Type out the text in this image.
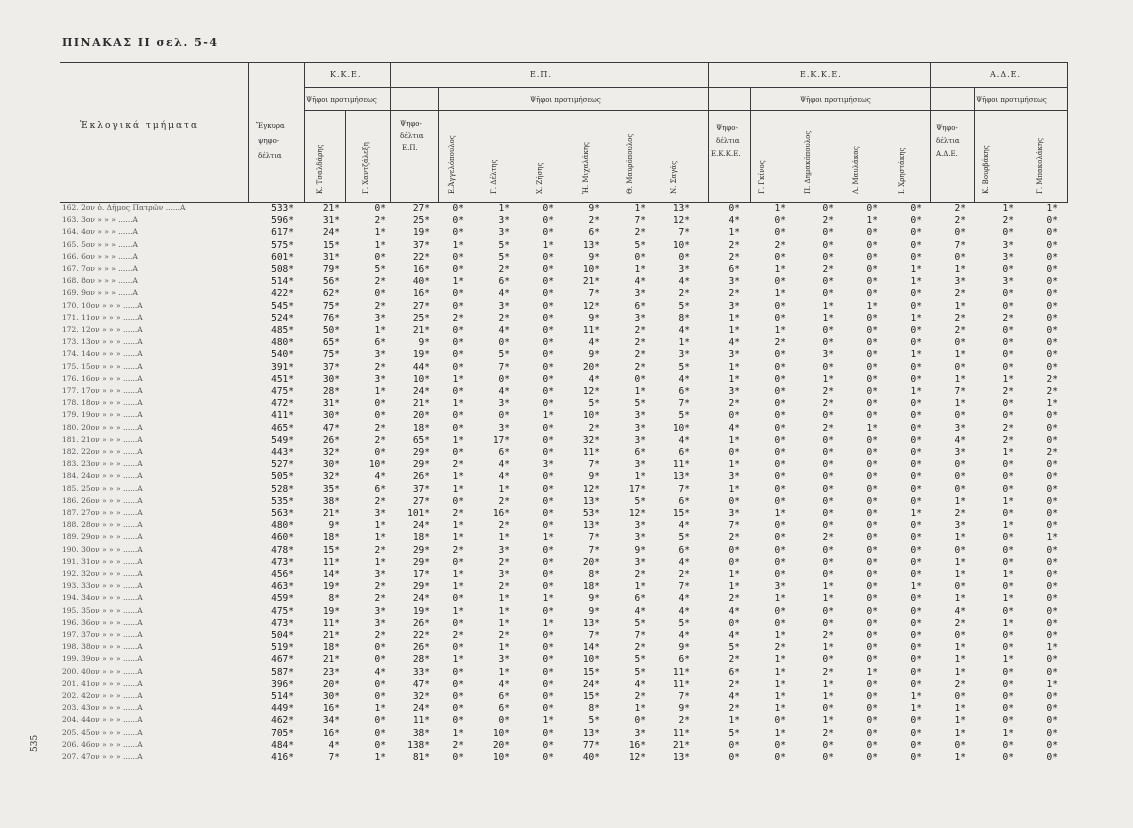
ΠΙΝΑΚΑΣ ΙΙ σελ. 5-4
535
Ἐκλογικά τμήματα	Ἔγκυρα
ψηφο-
δέλτια
Κ.Κ.Ε.
Ψῆφοι προτιμήσεως
Ε.Π.
Ψηφο-
δέλτια
Ε.Π.
Ψῆφοι προτιμήσεως
Ε.Κ.Κ.Ε.
Ψηφο-
δέλτια
Ε.Κ.Κ.Ε.
Ψῆφοι προτιμήσεως
Α.Δ.Ε.
Ψηφο-
δέλτια
Α.Δ.Ε.
Ψῆφοι προτιμήσεως
Κ. Τσαλδάρης	Γ. Χαντζάλεξη	Ε.Ἀγγελόπουλος	Γ. Δέλτης	Χ. Ζήσης	Ἠ. Μιχαλάκης	Θ. Μαυρόπουλος	Ν. Σαγάς	Γ. Γκίνος	Π. Δημακόπουλος	Λ. Μαυλάκας	Ι. Χρηστάκης	Κ. Βουρβάκης	Γ. Μπακολάκης
162. 2ον ὁ. Δῆμος Πατρῶν ......Α	533*	21*	0*	27* 0*	1*	0*	9*	1*	13*	0*	1*	0*	0*	0*	2*	1*	1*
163. 3ον » » » ......Α	596*	31*	2*	25* 0*	3*	0*	2*	7*	12*	4*	0*	2*	1*	0*	2*	2*	0*
164. 4ον » » » ......Α	617*	24*	1*	19* 0*	3*	0*	6*	2*	7*	1*	0*	0*	0*	0*	0*	0*	0*
165. 5ον » » » ......Α	575*	15*	1*	37* 1*	5*	1*	13*	5*	10*	2*	2*	0*	0*	0*	7*	3*	0*
166. 6ον » » » ......Α	601*	31*	0*	22* 0*	5*	0*	9*	0*	0*	2*	0*	0*	0*	0*	0*	3*	0*
167. 7ον » » » ......Α	508*	79*	5*	16* 0*	2*	0*	10*	1*	3*	6*	1*	2*	0*	1*	1*	0*	0*
168. 8ον » » » ......Α	514*	56*	2*	40* 1*	6*	0*	21*	4*	4*	3*	0*	0*	0*	1*	3*	3*	0*
169. 9ον » » » ......Α	422*	62*	0*	16* 0*	4*	0*	7*	3*	2*	2*	1*	0*	0*	0*	2*	0*	0*
170. 10ον » » » ......Α	545*	75*	2*	27* 0*	3*	0*	12*	6*	5*	3*	0*	1*	1*	0*	1*	0*	0*
171. 11ον » » » ......Α	524*	76*	3*	25* 2*	2*	0*	9*	3*	8*	1*	0*	1*	0*	1*	2*	2*	0*
172. 12ον » » » ......Α	485*	50*	1*	21* 0*	4*	0*	11*	2*	4*	1*	1*	0*	0*	0*	2*	0*	0*
173. 13ον » » » ......Α	480*	65*	6*	9* 0*	0*	0*	4*	2*	1*	4*	2*	0*	0*	0*	0*	0*	0*
174. 14ον » » » ......Α	540*	75*	3*	19* 0*	5*	0*	9*	2*	3*	3*	0*	3*	0*	1*	1*	0*	0*
175. 15ον » » » ......Α	391*	37*	2*	44* 0*	7*	0*	20*	2*	5*	1*	0*	0*	0*	0*	0*	0*	0*
176. 16ον » » » ......Α	451*	30*	3*	10* 1*	0*	0*	4*	0*	4*	1*	0*	1*	0*	0*	1*	1*	2*
177. 17ον » » » ......Α	475*	28*	1*	24* 0*	4*	0*	12*	1*	6*	3*	0*	2*	0*	1*	7*	2*	2*
178. 18ον » » » ......Α	472*	31*	0*	21* 1*	3*	0*	5*	5*	7*	2*	0*	2*	0*	0*	1*	0*	1*
179. 19ον » » » ......Α	411*	30*	0*	20* 0*	0*	1*	10*	3*	5*	0*	0*	0*	0*	0*	0*	0*	0*
180. 20ον » » » ......Α	465*	47*	2*	18* 0*	3*	0*	2*	3*	10*	4*	0*	2*	1*	0*	3*	2*	0*
181. 21ον » » » ......Α	549*	26*	2*	65* 1*	17*	0*	32*	3*	4*	1*	0*	0*	0*	0*	4*	2*	0*
182. 22ον » » » ......Α	443*	32*	0*	29* 0*	6*	0*	11*	6*	6*	0*	0*	0*	0*	0*	3*	1*	2*
183. 23ον » » » ......Α	527*	30*	10*	29* 2*	4*	3*	7*	3*	11*	1*	0*	0*	0*	0*	0*	0*	0*
184. 24ον » » » ......Α	505*	32*	4*	26* 1*	4*	0*	9*	1*	13*	3*	0*	0*	0*	0*	0*	0*	0*
185. 25ον » » » ......Α	528*	35*	6*	37* 1*	1*	0*	12*	17*	7*	1*	0*	0*	0*	0*	0*	0*	0*
186. 26ον » » » ......Α	535*	38*	2*	27* 0*	2*	0*	13*	5*	6*	0*	0*	0*	0*	0*	1*	1*	0*
187. 27ον » » » ......Α	563*	21*	3* 101* 2*	16*	0*	53*	12*	15*	3*	1*	0*	0*	1*	2*	0*	0*
188. 28ον » » » ......Α	480*	9*	1*	24* 1*	2*	0*	13*	3*	4*	7*	0*	0*	0*	0*	3*	1*	0*
189. 29ον » » » ......Α	460*	18*	1*	18* 1*	1*	1*	7*	3*	5*	2*	0*	2*	0*	0*	1*	0*	1*
190. 30ον » » » ......Α	478*	15*	2*	29* 2*	3*	0*	7*	9*	6*	0*	0*	0*	0*	0*	0*	0*	0*
191. 31ον » » » ......Α	473*	11*	1*	29* 0*	2*	0*	20*	3*	4*	0*	0*	0*	0*	0*	1*	0*	0*
192. 32ον » » » ......Α	456*	14*	3*	17* 1*	3*	0*	8*	2*	2*	1*	0*	0*	0*	0*	1*	1*	0*
193. 33ον » » » ......Α	463*	19*	2*	29* 1*	2*	0*	18*	1*	7*	1*	3*	1*	0*	1*	0*	0*	0*
194. 34ον » » » ......Α	459*	8*	2*	24* 0*	1*	1*	9*	6*	4*	2*	1*	1*	0*	0*	1*	1*	0*
195. 35ον » » » ......Α	475*	19*	3*	19* 1*	1*	0*	9*	4*	4*	4*	0*	0*	0*	0*	4*	0*	0*
196. 36ον » » » ......Α	473*	11*	3*	26* 0*	1*	1*	13*	5*	5*	0*	0*	0*	0*	0*	2*	1*	0*
197. 37ον » » » ......Α	504*	21*	2*	22* 2*	2*	0*	7*	7*	4*	4*	1*	2*	0*	0*	0*	0*	0*
198. 38ον » » » ......Α	519*	18*	0*	26* 0*	1*	0*	14*	2*	9*	5*	2*	1*	0*	0*	1*	0*	1*
199. 39ον » » » ......Α	467*	21*	0*	28* 1*	3*	0*	10*	5*	6*	2*	1*	0*	0*	0*	1*	1*	0*
200. 40ον » » » ......Α	587*	23*	4*	33* 0*	1*	0*	15*	5*	11*	6*	1*	2*	1*	0*	1*	0*	0*
201. 41ον » » » ......Α	396*	20*	0*	47* 0*	4*	0*	24*	4*	11*	2*	1*	1*	0*	0*	2*	0*	1*
202. 42ον » » » ......Α	514*	30*	0*	32* 0*	6*	0*	15*	2*	7*	4*	1*	1*	0*	1*	0*	0*	0*
203. 43ον » » » ......Α	449*	16*	1*	24* 0*	6*	0*	8*	1*	9*	2*	1*	0*	0*	1*	1*	0*	0*
204. 44ον » » » ......Α	462*	34*	0*	11* 0*	0*	1*	5*	0*	2*	1*	0*	1*	0*	0*	1*	0*	0*
205. 45ον » » » ......Α	705*	16*	0*	38* 1*	10*	0*	13*	3*	11*	5*	1*	2*	0*	0*	1*	1*	0*
206. 46ον » » » ......Α	484*	4*	0* 138* 2*	20*	0*	77*	16*	21*	0*	0*	0*	0*	0*	0*	0*	0*
207. 47ον » » » ......Α	416*	7*	1*	81* 0*	10*	0*	40*	12*	13*	0*	0*	0*	0*	0*	1*	0*	0*
